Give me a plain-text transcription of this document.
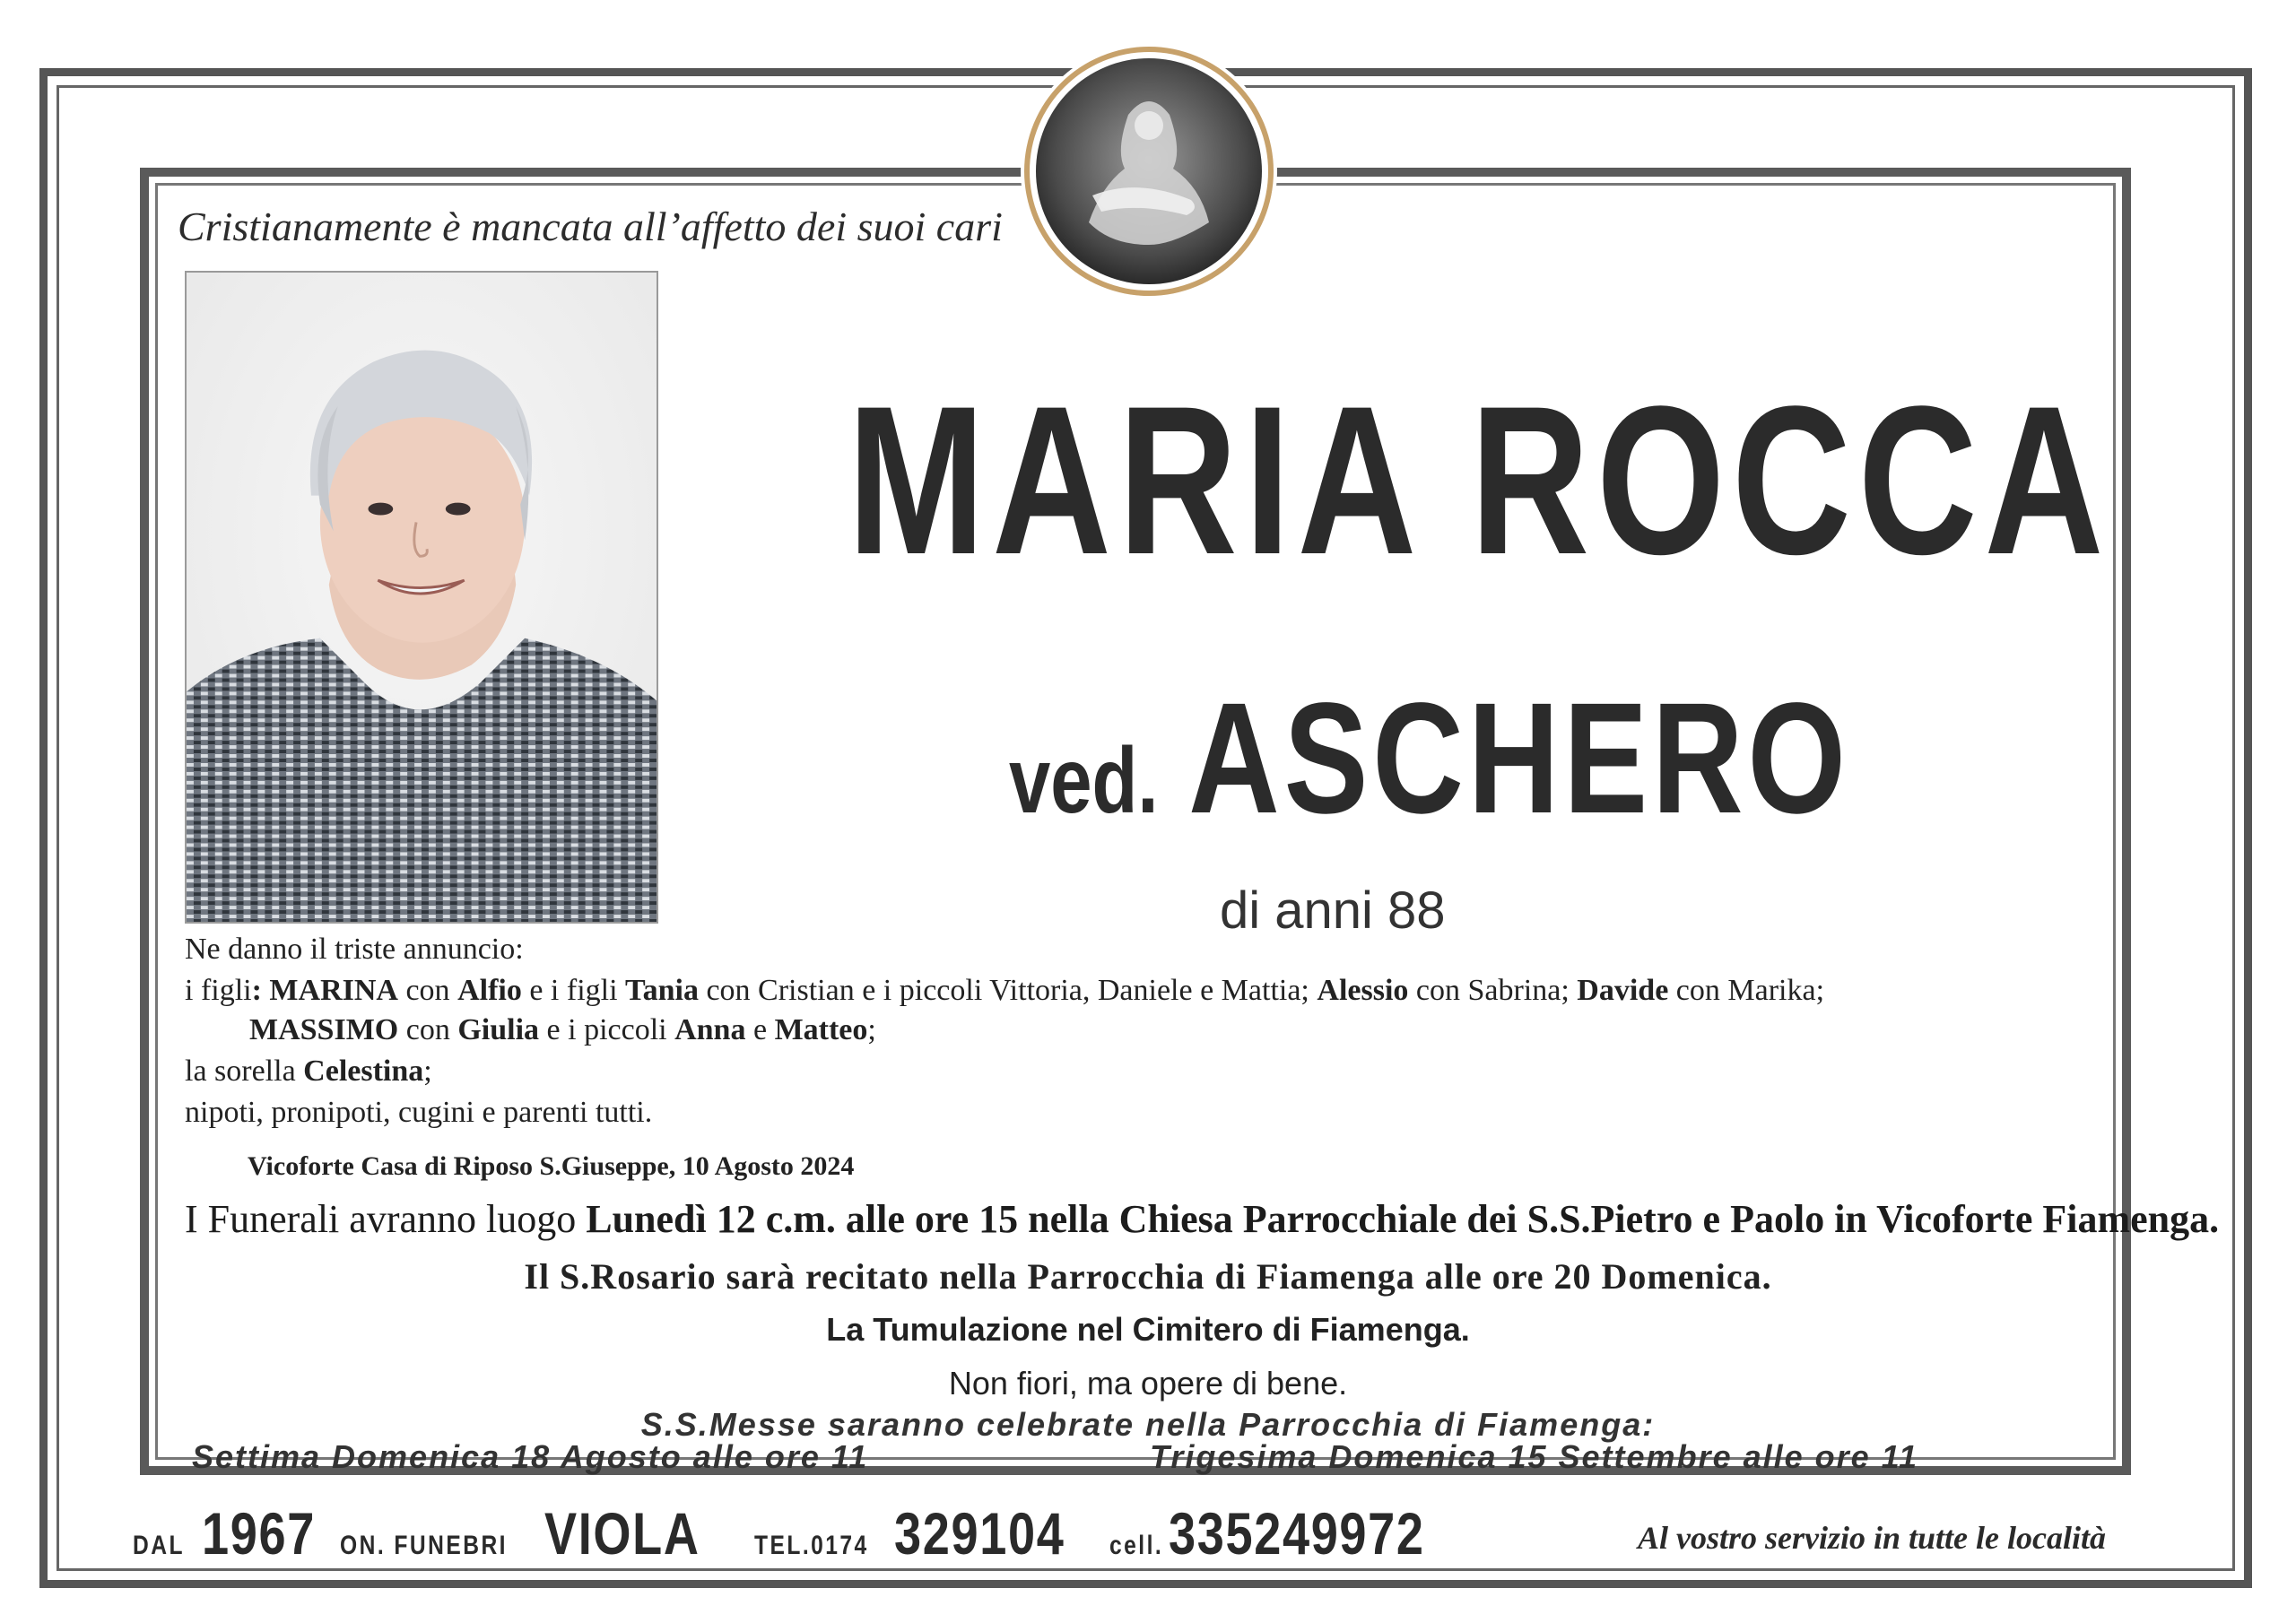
Cristianamente è mancata all’affetto dei suoi cari
MARIA ROCCA
ved. ASCHERO
di anni 88
Ne danno il triste annuncio:
i figli: MARINA con Alfio e i figli Tania con Cristian e i piccoli Vittoria, Daniele e Mattia; Alessio con Sabrina; Davide con Marika;
MASSIMO con Giulia e i piccoli Anna e Matteo;
la sorella Celestina;
nipoti, pronipoti, cugini e parenti tutti.
Vicoforte Casa di Riposo S.Giuseppe, 10 Agosto 2024
I Funerali avranno luogo Lunedì 12 c.m. alle ore 15 nella Chiesa Parrocchiale dei S.S.Pietro e Paolo in Vicoforte Fiamenga.
Il S.Rosario sarà recitato nella Parrocchia di Fiamenga alle ore 20 Domenica.
La Tumulazione nel Cimitero di Fiamenga.
Non fiori, ma opere di bene.
S.S.Messe saranno celebrate nella Parrocchia di Fiamenga:
Settima Domenica 18 Agosto alle ore 11	Trigesima Domenica 15 Settembre alle ore 11
DAL 1967 ON. FUNEBRI VIOLA TEL.0174 329104 cell. 335249972	Al vostro servizio in tutte le località
